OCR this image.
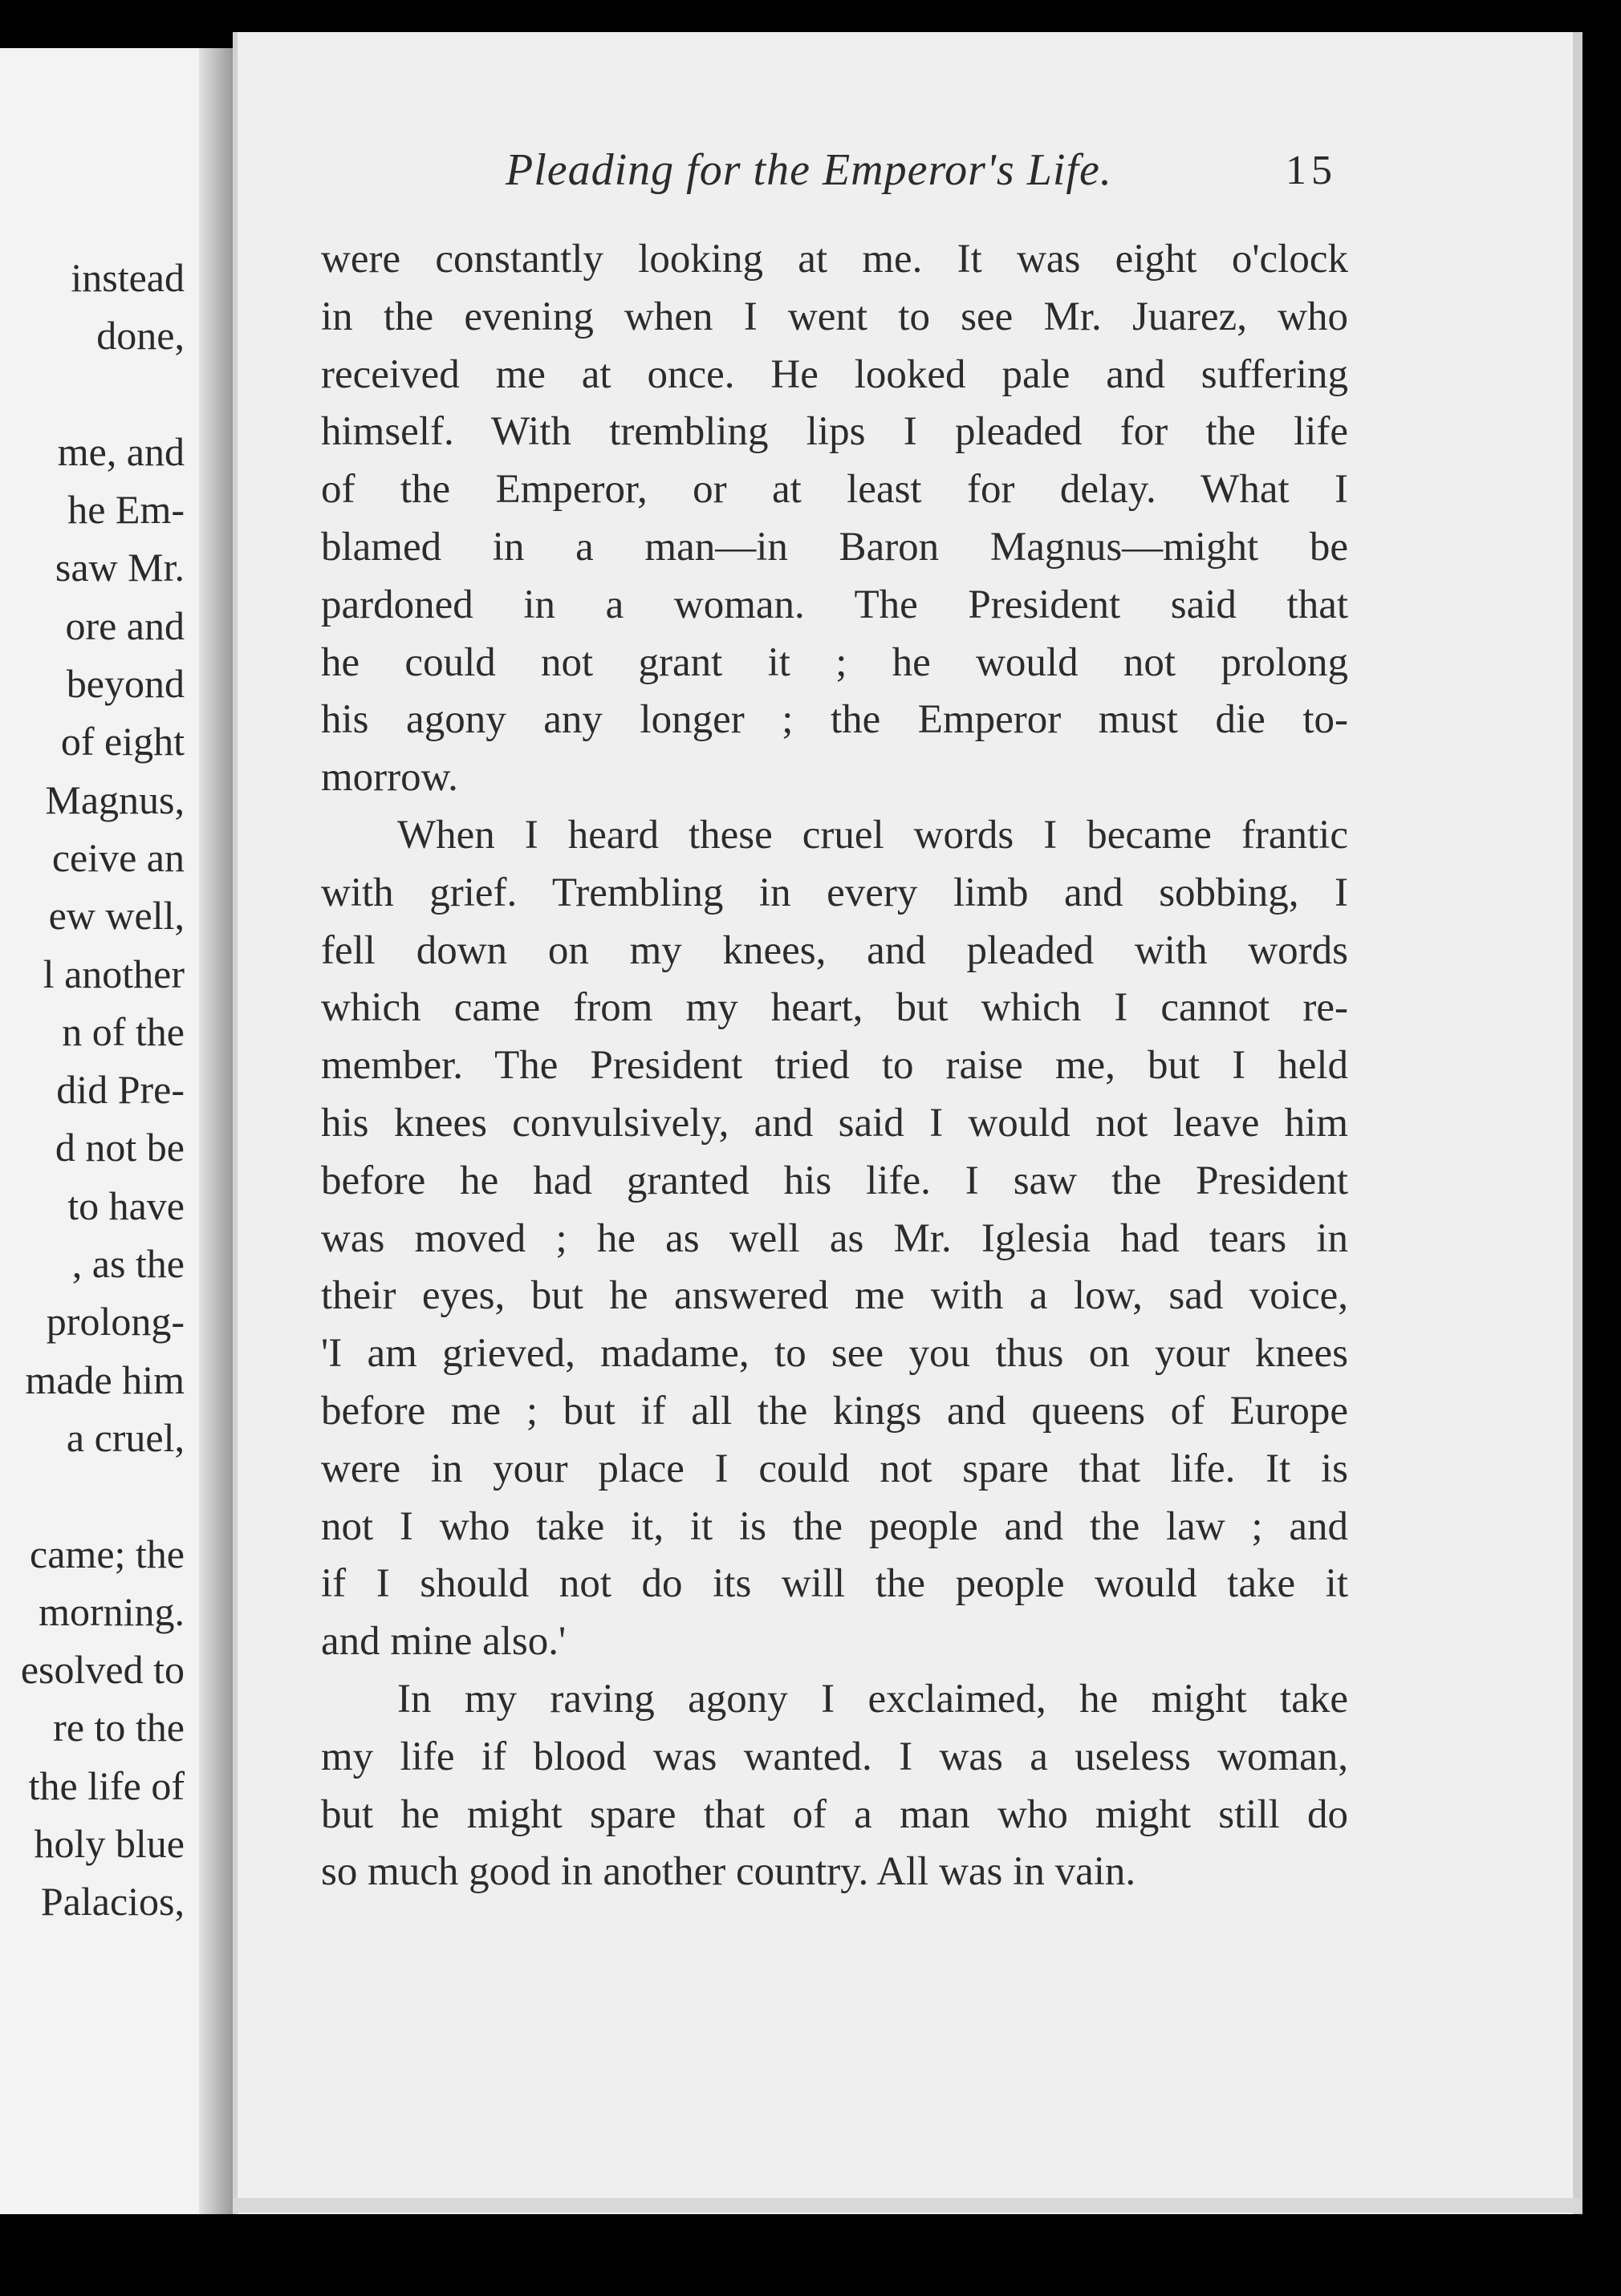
instead
done,
me, and
he Em-
saw Mr.
ore and
beyond
of eight
Magnus,
ceive an
ew well,
l another
n of the
did Pre-
d not be
to have
, as the
prolong-
made him
a cruel,
came; the
morning.
esolved to
re to the
the life of
holy blue
Palacios,
Pleading for the Emperor's Life.	15

were constantly looking at me. It was eight o'clock
in the evening when I went to see Mr. Juarez, who
received me at once. He looked pale and suffering
himself. With trembling lips I pleaded for the life
of the Emperor, or at least for delay. What I
blamed in a man—in Baron Magnus—might be
pardoned in a woman. The President said that
he could not grant it ; he would not prolong
his agony any longer ; the Emperor must die to-
morrow.

When I heard these cruel words I became frantic
with grief. Trembling in every limb and sobbing, I
fell down on my knees, and pleaded with words
which came from my heart, but which I cannot re-
member. The President tried to raise me, but I held
his knees convulsively, and said I would not leave him
before he had granted his life. I saw the President
was moved ; he as well as Mr. Iglesia had tears in
their eyes, but he answered me with a low, sad voice,
'I am grieved, madame, to see you thus on your knees
before me ; but if all the kings and queens of Europe
were in your place I could not spare that life. It is
not I who take it, it is the people and the law ; and
if I should not do its will the people would take it
and mine also.'

In my raving agony I exclaimed, he might take
my life if blood was wanted. I was a useless woman,
but he might spare that of a man who might still do
so much good in another country. All was in vain.
